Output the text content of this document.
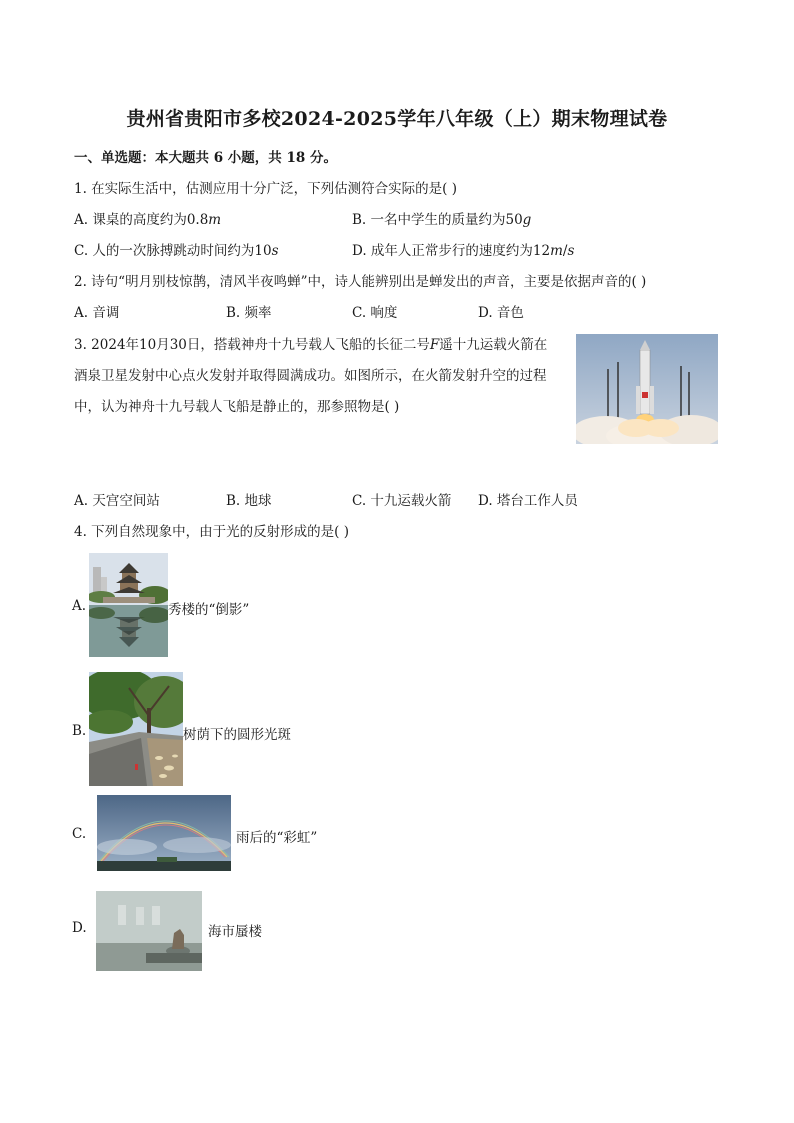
贵州省贵阳市多校2024-2025学年八年级（上）期末物理试卷
一、单选题：本大题共 6 小题，共 18 分。
1. 在实际生活中，估测应用十分广泛，下列估测符合实际的是( )
A. 课桌的高度约为0.8𝑚	B. 一名中学生的质量约为50𝑔
C. 人的一次脉搏跳动时间约为10𝑠	D. 成年人正常步行的速度约为12𝑚/𝑠
2. 诗句“明月别枝惊鹊，清风半夜鸣蝉”中，诗人能辨别出是蝉发出的声音，主要是依据声音的( )
A. 音调	B. 频率	C. 响度	D. 音色
3. 2024年10月30日，搭载神舟十九号载人飞船的长征二号𝐹遥十九运载火箭在
酒泉卫星发射中心点火发射并取得圆满成功。如图所示，在火箭发射升空的过程
中，认为神舟十九号载人飞船是静止的，那参照物是( )
A. 天宫空间站	B. 地球	C. 十九运载火箭 D. 塔台工作人员
4. 下列自然现象中，由于光的反射形成的是( )
A.	秀楼的“倒影”
B.	树荫下的圆形光斑
C.	雨后的“彩虹”
D.	海市蜃楼
